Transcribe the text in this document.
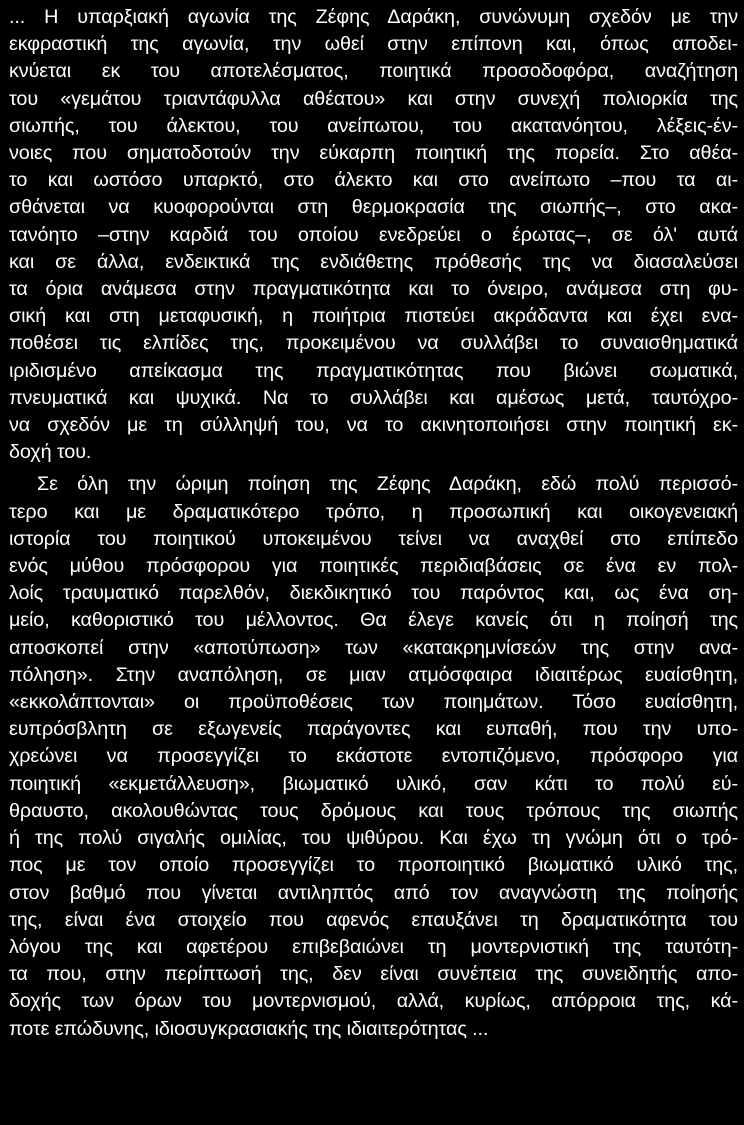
... Η υπαρξιακή αγωνία της Ζέφης Δαράκη, συνώνυμη σχεδόν με την
εκφραστική της αγωνία, την ωθεί στην επίπονη και, όπως αποδει-
κνύεται εκ του αποτελέσματος, ποιητικά προσοδοφόρα, αναζήτηση
του «γεμάτου τριαντάφυλλα αθέατου» και στην συνεχή πολιορκία της
σιωπής, του άλεκτου, του ανείπωτου, του ακατανόητου, λέξεις-έν-
νοιες που σηματοδοτούν την εύκαρπη ποιητική της πορεία. Στο αθέα-
το και ωστόσο υπαρκτό, στο άλεκτο και στο ανείπωτο –που τα αι-
σθάνεται να κυοφορούνται στη θερμοκρασία της σιωπής–, στο ακα-
τανόητο –στην καρδιά του οποίου ενεδρεύει ο έρωτας–, σε όλ' αυτά
και σε άλλα, ενδεικτικά της ενδιάθετης πρόθεσής της να διασαλεύσει
τα όρια ανάμεσα στην πραγματικότητα και το όνειρο, ανάμεσα στη φυ-
σική και στη μεταφυσική, η ποιήτρια πιστεύει ακράδαντα και έχει ενα-
ποθέσει τις ελπίδες της, προκειμένου να συλλάβει το συναισθηματικά
ιριδισμένο απείκασμα της πραγματικότητας που βιώνει σωματικά,
πνευματικά και ψυχικά. Να το συλλάβει και αμέσως μετά, ταυτόχρο-
να σχεδόν με τη σύλληψή του, να το ακινητοποιήσει στην ποιητική εκ-
δοχή του.

Σε όλη την ώριμη ποίηση της Ζέφης Δαράκη, εδώ πολύ περισσό-
τερο και με δραματικότερο τρόπο, η προσωπική και οικογενειακή
ιστορία του ποιητικού υποκειμένου τείνει να αναχθεί στο επίπεδο
ενός μύθου πρόσφορου για ποιητικές περιδιαβάσεις σε ένα εν πολ-
λοίς τραυματικό παρελθόν, διεκδικητικό του παρόντος και, ως ένα ση-
μείο, καθοριστικό του μέλλοντος. Θα έλεγε κανείς ότι η ποίησή της
αποσκοπεί στην «αποτύπωση» των «κατακρημνίσεών της στην ανα-
πόληση». Στην αναπόληση, σε μιαν ατμόσφαιρα ιδιαιτέρως ευαίσθητη,
«εκκολάπτονται» οι προϋποθέσεις των ποιημάτων. Τόσο ευαίσθητη,
ευπρόσβλητη σε εξωγενείς παράγοντες και ευπαθή, που την υπο-
χρεώνει να προσεγγίζει το εκάστοτε εντοπιζόμενο, πρόσφορο για
ποιητική «εκμετάλλευση», βιωματικό υλικό, σαν κάτι το πολύ εύ-
θραυστο, ακολουθώντας τους δρόμους και τους τρόπους της σιωπής
ή της πολύ σιγαλής ομιλίας, του ψιθύρου. Και έχω τη γνώμη ότι ο τρό-
πος με τον οποίο προσεγγίζει το προποιητικό βιωματικό υλικό της,
στον βαθμό που γίνεται αντιληπτός από τον αναγνώστη της ποίησής
της, είναι ένα στοιχείο που αφενός επαυξάνει τη δραματικότητα του
λόγου της και αφετέρου επιβεβαιώνει τη μοντερνιστική της ταυτότη-
τα που, στην περίπτωσή της, δεν είναι συνέπεια της συνειδητής απο-
δοχής των όρων του μοντερνισμού, αλλά, κυρίως, απόρροια της, κά-
ποτε επώδυνης, ιδιοσυγκρασιακής της ιδιαιτερότητας ...
